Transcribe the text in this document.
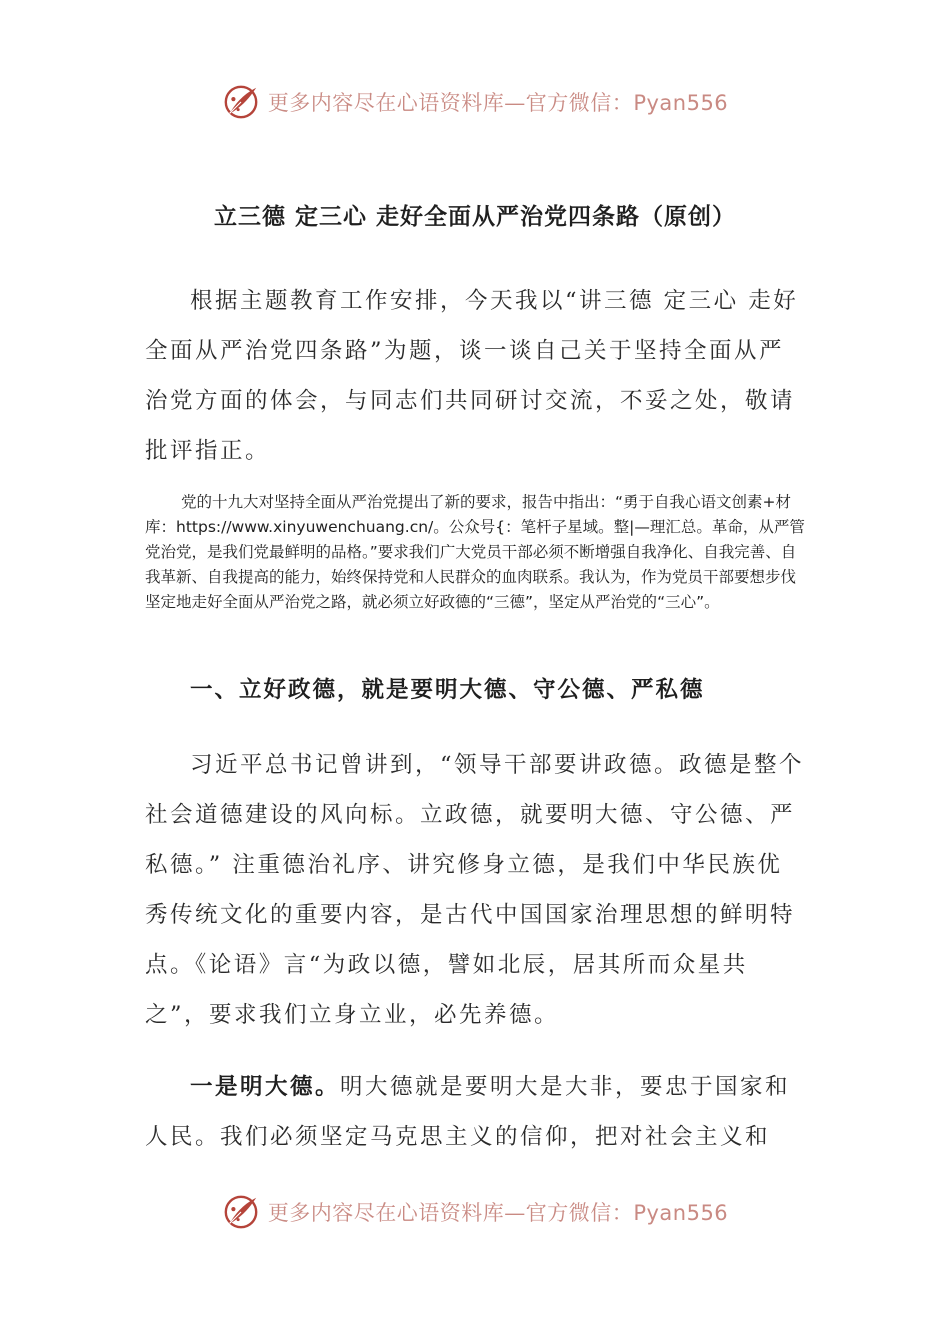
更多内容尽在心语资料库—官方微信：Pyan556
立三德 定三心 走好全面从严治党四条路（原创）

根据主题教育工作安排，今天我以“讲三德 定三心 走好全面从严治党四条路”为题，谈一谈自己关于坚持全面从严治党方面的体会，与同志们共同研讨交流，不妥之处，敬请批评指正。

党的十九大对坚持全面从严治党提出了新的要求，报告中指出：“勇于自我心语文创素+材库：https://www.xinyuwenchuang.cn/。公众号{：笔杆子星域。整|—理汇总。革命，从严管党治党，是我们党最鲜明的品格。”要求我们广大党员干部必须不断增强自我净化、自我完善、自我革新、自我提高的能力，始终保持党和人民群众的血肉联系。我认为，作为党员干部要想步伐坚定地走好全面从严治党之路，就必须立好政德的“三德”，坚定从严治党的“三心”。

一、立好政德，就是要明大德、守公德、严私德

习近平总书记曾讲到，“领导干部要讲政德。政德是整个社会道德建设的风向标。立政德，就要明大德、守公德、严私德。” 注重德治礼序、讲究修身立德，是我们中华民族优秀传统文化的重要内容，是古代中国国家治理思想的鲜明特点。《论语》言“为政以德，譬如北辰，居其所而众星共之”，要求我们立身立业，必先养德。

一是明大德。明大德就是要明大是大非，要忠于国家和人民。我们必须坚定马克思主义的信仰，把对社会主义和

更多内容尽在心语资料库—官方微信：Pyan556
